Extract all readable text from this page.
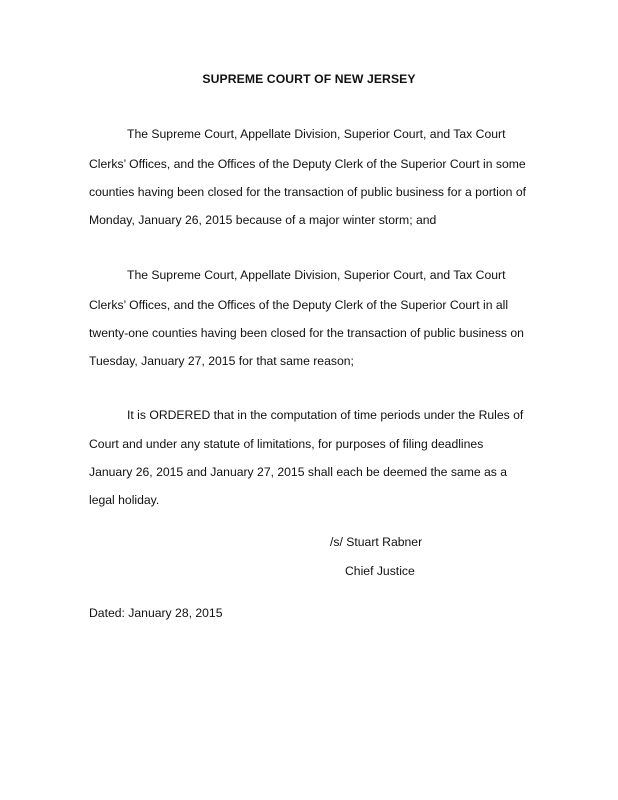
SUPREME COURT OF NEW JERSEY
The Supreme Court, Appellate Division, Superior Court, and Tax Court
Clerks’ Offices, and the Offices of the Deputy Clerk of the Superior Court in some
counties having been closed for the transaction of public business for a portion of
Monday, January 26, 2015 because of a major winter storm; and
The Supreme Court, Appellate Division, Superior Court, and Tax Court
Clerks’ Offices, and the Offices of the Deputy Clerk of the Superior Court in all
twenty-one counties having been closed for the transaction of public business on
Tuesday, January 27, 2015 for that same reason;
It is ORDERED that in the computation of time periods under the Rules of
Court and under any statute of limitations, for purposes of filing deadlines
January 26, 2015 and January 27, 2015 shall each be deemed the same as a
legal holiday.
/s/ Stuart Rabner
Chief Justice
Dated: January 28, 2015
